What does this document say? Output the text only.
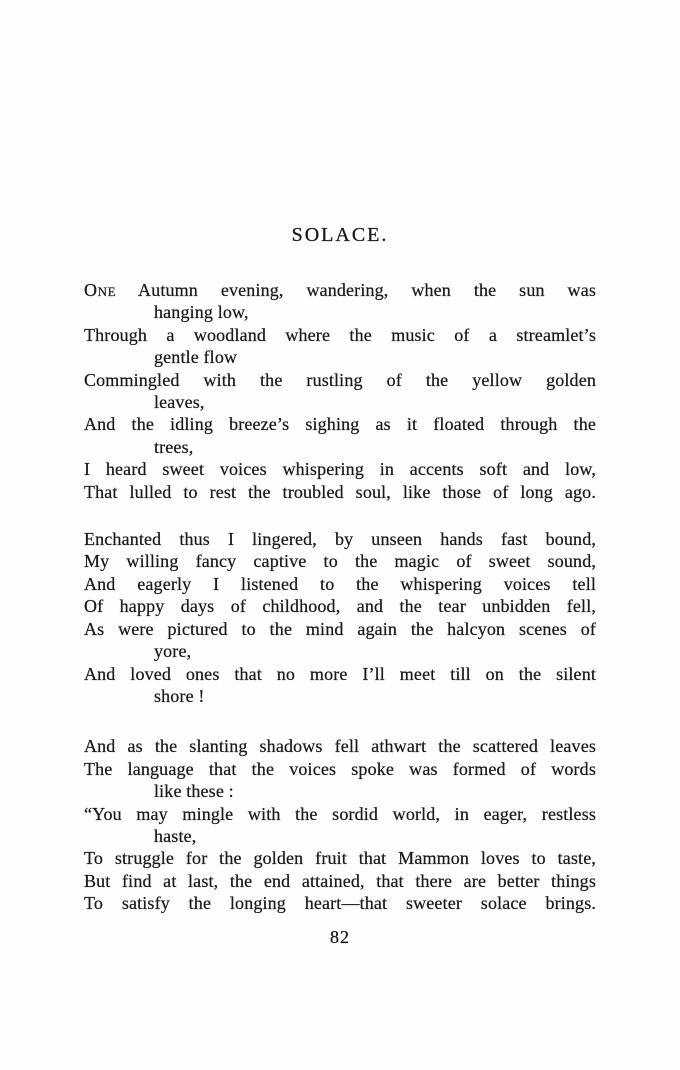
SOLACE.
One Autumn evening, wandering, when the sun was
hanging low,
Through a woodland where the music of a streamlet’s
gentle flow
Commingled with the rustling of the yellow golden
leaves,
And the idling breeze’s sighing as it floated through the
trees,
I heard sweet voices whispering in accents soft and low,
That lulled to rest the troubled soul, like those of long ago.
Enchanted thus I lingered, by unseen hands fast bound,
My willing fancy captive to the magic of sweet sound,
And eagerly I listened to the whispering voices tell
Of happy days of childhood, and the tear unbidden fell,
As were pictured to the mind again the halcyon scenes of
yore,
And loved ones that no more I’ll meet till on the silent
shore !
And as the slanting shadows fell athwart the scattered leaves
The language that the voices spoke was formed of words
like these :
“You may mingle with the sordid world, in eager, restless
haste,
To struggle for the golden fruit that Mammon loves to taste,
But find at last, the end attained, that there are better things
To satisfy the longing heart—that sweeter solace brings.
82
